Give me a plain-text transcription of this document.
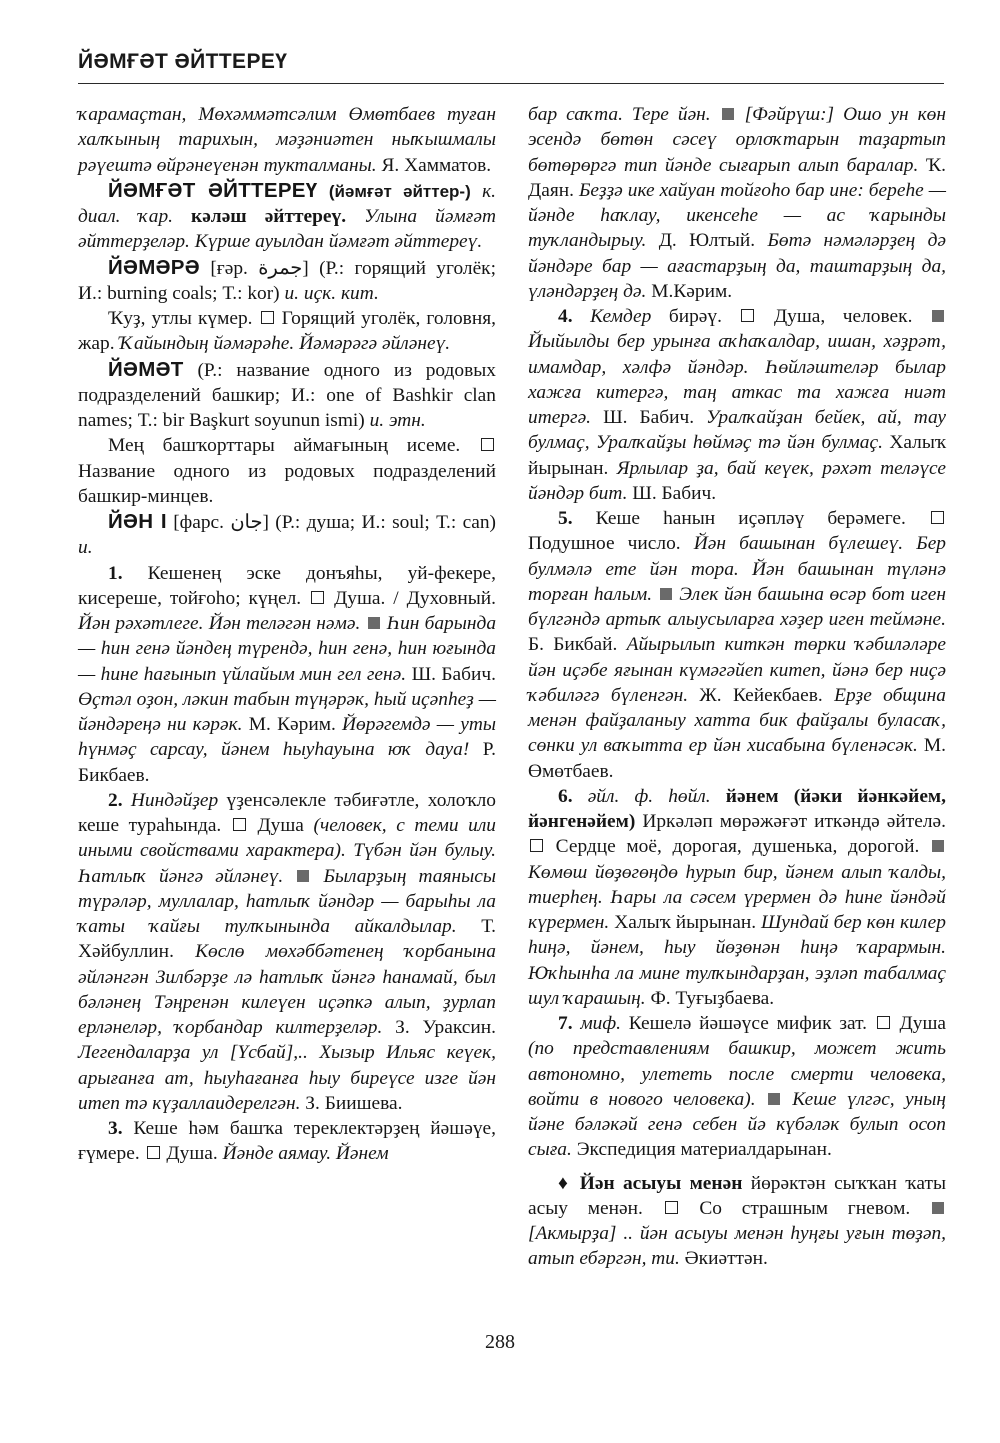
ЙӘМҒӘТ ӘЙТТЕРЕҮ

ҡарамаҫтан, Мөхәммәтсәлим Өмөтбаев туған халҡының тарихын, мәҙәниәтен ныҡышмалы рәүештә өйрәнеүенән тукталманы. Я. Хамматов.

ЙӘМҒӘТ ӘЙТТЕРЕҮ (йәмғәт әйттер-) к. диал. ҡар. кәләш әйттереү. Улына йәмғәт әйттерҙеләр. Күрше ауылдан йәмғәт әйттереү.

ЙӘМӘРӘ [ғәр. جمرة] (Р.: горящий уголёк; И.: burning coals; Т.: kor) и. иҫк. кит.

Ҡуҙ, утлы күмер. Горящий уголёк, головня, жар. Ҡайындың йәмәрәһе. Йәмәрәгә әйләнеү.

ЙӘМӘТ (Р.: название одного из родовых подразделений башкир; И.: one of Bashkir clan names; Т.: bir Başkurt soyunun ismi) и. этн.

Мең башҡорттары аймағының исеме.  Название одного из родовых подразделений башкир-минцев.

ЙӘН I [фарс. جان] (Р.: душа; И.: soul; Т.: can) и.

1. Кешенең эске донъяһы, уй-фекере, кисереше, тойғоһо; күңел. Душа. / Духовный. Йән рәхәтлеге. Йән теләгән нәмә. Һин барында — һин генә йәндең түрендә, һин генә, һин юғында — һине һағынып үйлайым мин гел генә. Ш. Бабич. Өҫтәл оҙон, ләкин табын түңәрәк, һый иҫәпһеҙ — йәндәреңә ни кәрәк. М. Кәрим. Йөрәгемдә — уты һүнмәҫ сарсау, йәнем һыуһауына юҡ дауа! Р. Бикбаев.

2. Ниндәйҙер үҙенсәлекле тәбиғәтле, холоҡло кеше тураһында. Душа (человек, с теми или иными свойствами характера). Түбән йән булыу. Һатлыҡ йәнгә әйләнеү. Быларҙың таянысы түрәләр, муллалар, һатлыҡ йәндәр — барыһы ла ҡаты ҡайғы тулҡынында айкалдылар. Т. Хәйбуллин. Көслө мөхәббәтенең ҡорбанына әйләнгән Зилбәрҙе лә һатлыҡ йәнгә һанамай, был бәләнең Тәңренән килеүен иҫәпкә алып, ҙурлап ерләнеләр, ҡорбандар килтерҙеләр. З. Ураксин. Легендаларҙа ул [Үсбай],.. Хызыр Ильяс кеүек, арығанға ат, һыуһағанға һыу биреүсе изге йән итеп тә күҙаллаидерелгән. З. Биишева.

3. Кеше һәм башҡа тереклектәрҙең йәшәүе, ғүмере. Душа. Йәнде аямау. Йәнем

бар саҡта. Тере йән. [Фәйрүш:] Ошо ун көн эсендә бөтөн сәсеү орлоҡтарын таҙартып бөтөрөргә тип йәнде сығарып алып баралар. Ҡ. Даян. Беҙҙә ике хайуан тойғоһо бар ине: береһе — йәнде һаҡлау, икенсеһе — ас ҡарынды туҡландырыу. Д. Юлтый. Бөтә нәмәләрҙең дә йәндәре бар — ағастарҙың да, таштарҙың да, үләндәрҙең дә. М.Кәрим.

4. Кемдер бирәү.	Душа, человек.  Йыйылды бер урынға аҡһаҡалдар, ишан, хәҙрәт, имамдар, хәлфә йәндәр. Һөйләштеләр былар хажға китергә, таң аткас та хажға ниәт итергә. Ш. Бабич. Уралҡайҙан бейек, ай, тау булмаҫ, Уралҡайҙы һөймәҫ тә йән булмаҫ. Халыҡ йырынан. Ярлылар ҙа, бай кеүек, рәхәт теләүсе йәндәр бит. Ш. Бабич.

5. Кеше һанын иҫәпләү берәмеге.  Подушное число. Йән башынан бүлешеү. Бер булмәлә ете йән тора. Йән башынан түләнә торған һалым. Элек йән башына өсәр бот иген бүлгәндә артыҡ алыусыларға хәҙер иген теймәне. Б. Бикбай. Айырылып киткән төрки ҡәбиләләре йән иҫәбе яғынан күмәгәйеп китеп, йәнә бер ниҫә ҡәбиләгә бүленгән. Ж. Кейекбаев. Ерҙе община менән файҙаланыу хатта бик файҙалы буласаҡ, сөнки ул ваҡытта ер йән хисабына бүленәсәк. М. Өмөтбаев.

6. әйл. ф. һөйл. йәнем (йәки йәнкәйем, йәнгенәйем) Иркәләп мөрәжәғәт иткәндә әйтелә.  Сердце моё, дорогая, душенька, дорогой.  Көмөш йөҙөгөңдө һурып бир, йәнем алып ҡалды, тиерһең. Һары ла сәсем үрермен дә һине йәндәй күрермен. Халыҡ йырынан. Шундай бер көн килер һиңә, йәнем, һыу йөҙөнән һиңә ҡарармын. Юҡһынһа ла мине тулҡындарҙан, эҙләп табалмаҫ шул ҡарашың. Ф. Туғыҙбаева.

7. миф. Кешелә йәшәүсе мифик зат. Душа (по представлениям башкир, может жить автономно, улететь после смерти человека, войти в нового человека). Кеше үлгәс, уның йәне бәләкәй генә себен йә күбәләк булып осоп сыға. Экспедиция материалдарынан.

♦ Йән асыуы менән йөрәктән сыҡҡан ҡаты асыу менән.	Со страшным гневом.  [Акмырҙа] .. йән асыуы менән һуңғы уғын төҙәп, атып ебәргән, ти. Әкиәттән.

288
